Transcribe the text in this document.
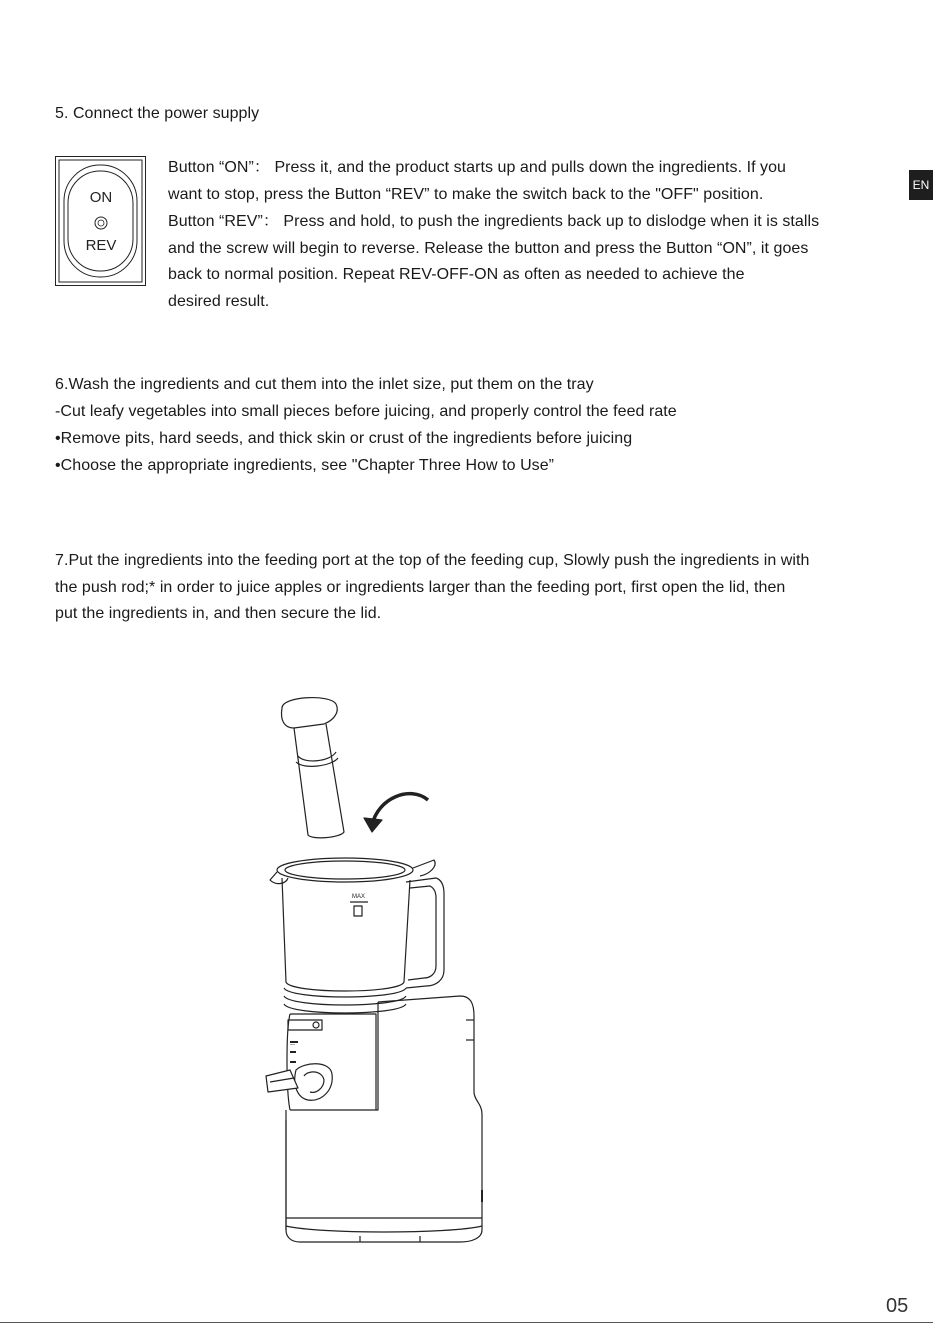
EN
5. Connect the power supply
ON
REV
Button “ON”： Press it, and the product starts up and pulls down the ingredients. If you
want to stop, press the Button “REV” to make the switch back to the "OFF" position.
Button “REV”： Press and hold, to push the ingredients back up to dislodge when it is stalls
and the screw will begin to reverse. Release the button and press the Button “ON”, it goes
back to normal position. Repeat REV-OFF-ON as often as needed to achieve the
desired result.
6.Wash the ingredients and cut them into the inlet size, put them on the tray
-Cut leafy vegetables into small pieces before juicing, and properly control the feed rate
•Remove pits, hard seeds, and thick skin or crust of the ingredients before juicing
•Choose the appropriate ingredients, see "Chapter Three How to Use”
7.Put the ingredients into the feeding port at the top of the feeding cup, Slowly push the ingredients in with
the push rod;* in order to juice apples or ingredients larger than the feeding port, first open the lid, then
put the ingredients in, and then secure the lid.
MAX
—
05
